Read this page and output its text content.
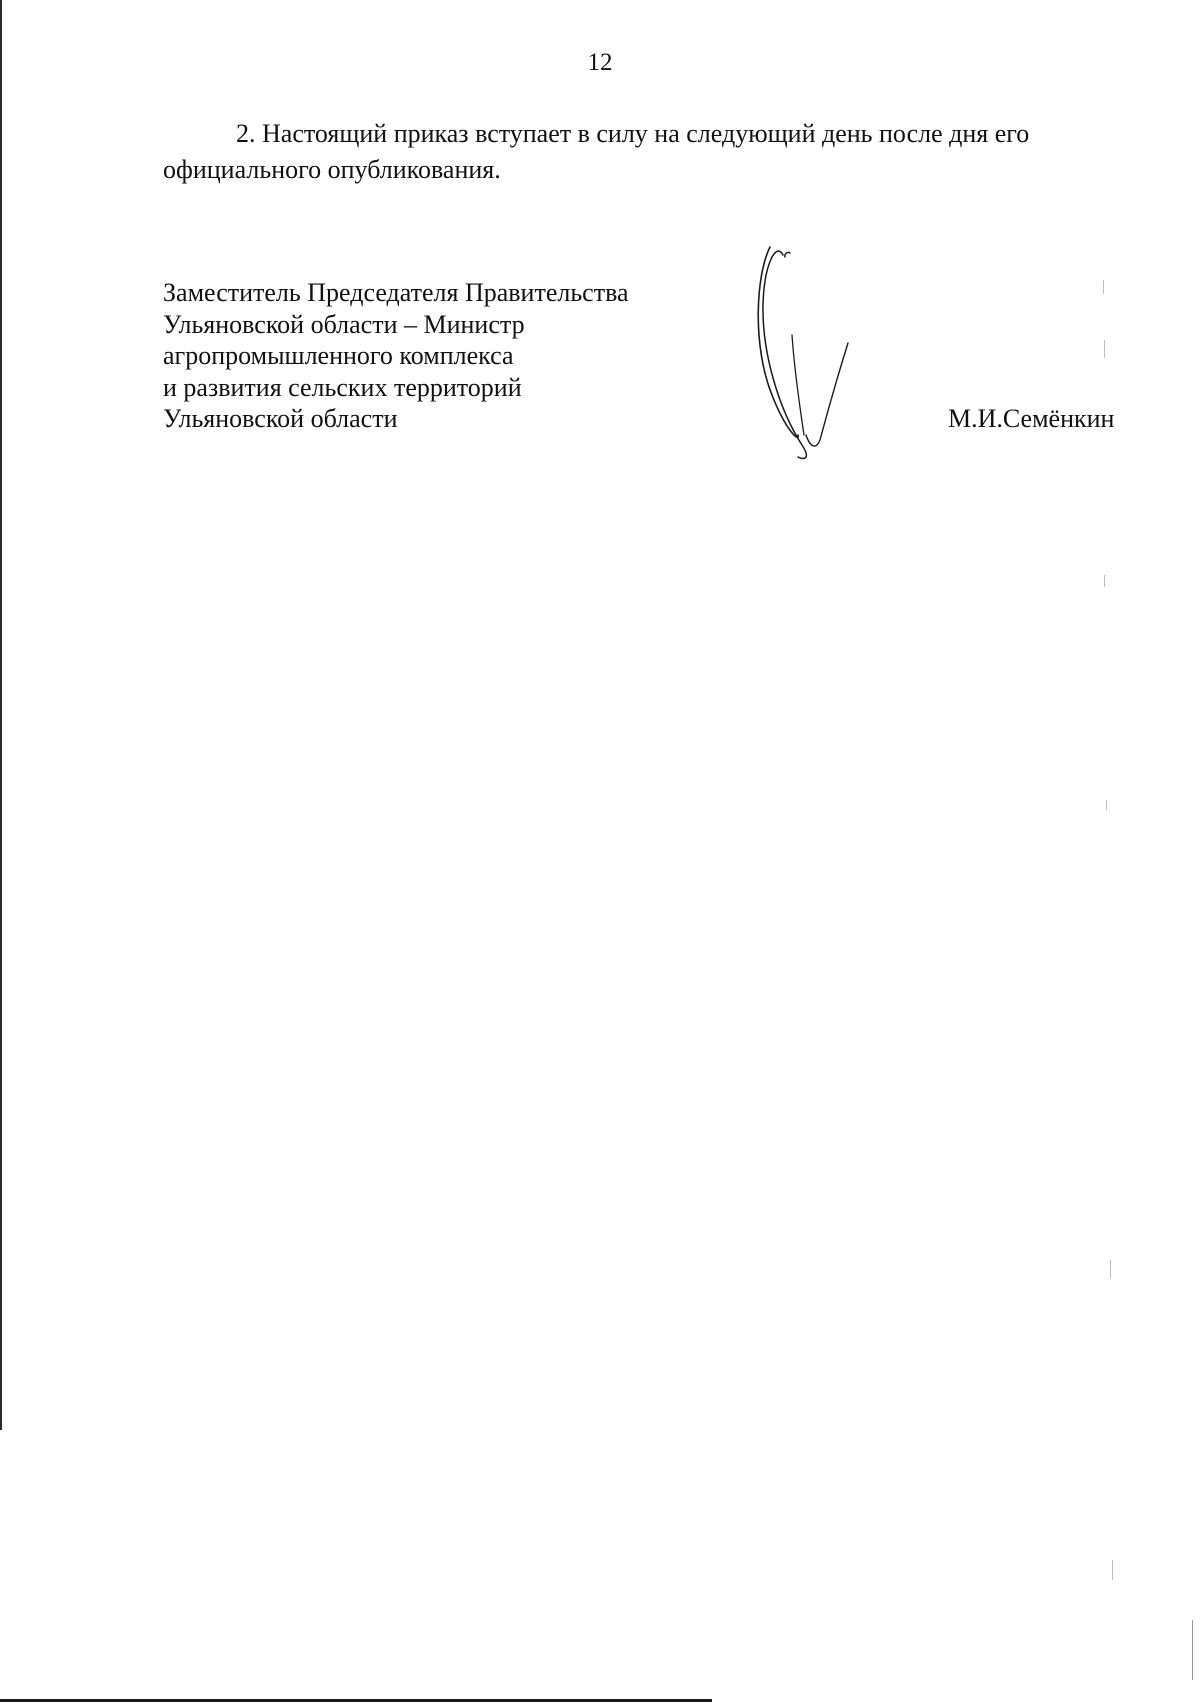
12

2. Настоящий приказ вступает в силу на следующий день после дня его официального опубликования.

Заместитель Председателя Правительства
Ульяновской области – Министр
агропромышленного комплекса
и развития сельских территорий
Ульяновской области	М.И.Семёнкин
